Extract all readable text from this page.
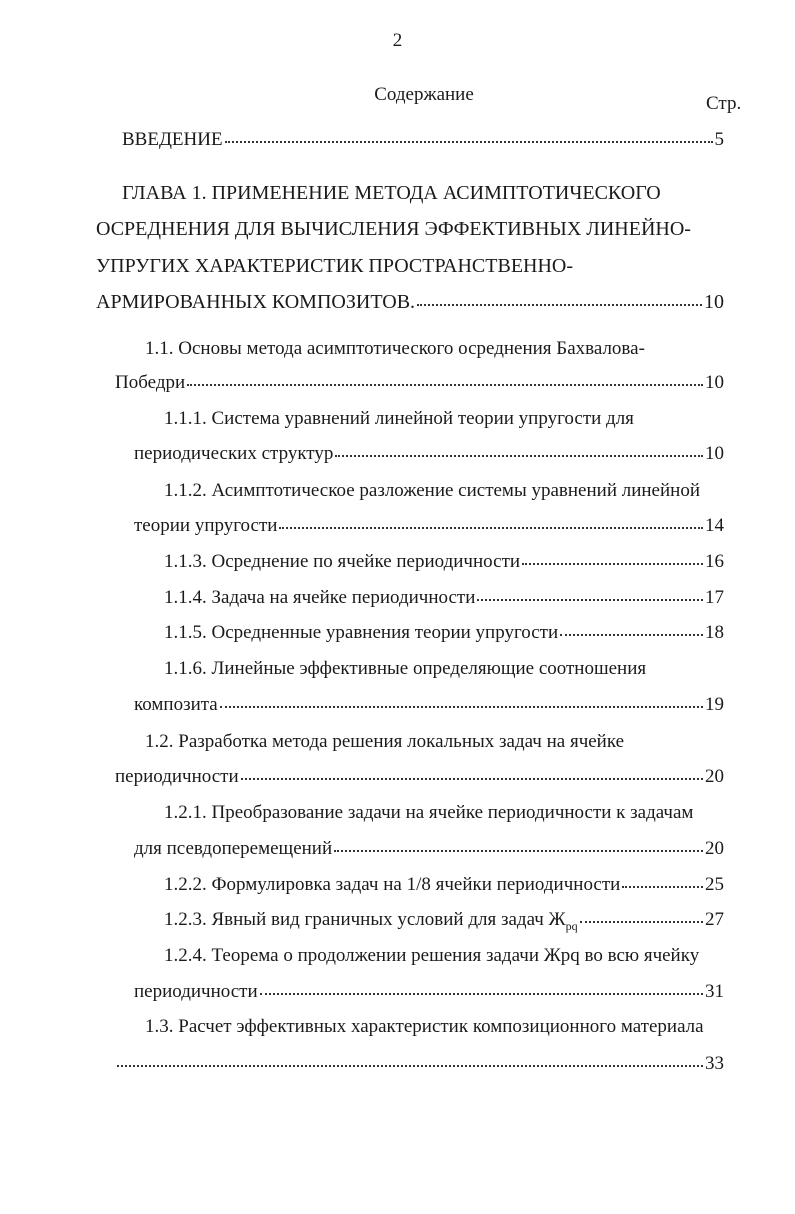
2
Содержание	Стр.
ВВЕДЕНИЕ	5
ГЛАВА 1. ПРИМЕНЕНИЕ МЕТОДА АСИМПТОТИЧЕСКОГО
ОСРЕДНЕНИЯ ДЛЯ ВЫЧИСЛЕНИЯ ЭФФЕКТИВНЫХ ЛИНЕЙНО-
УПРУГИХ ХАРАКТЕРИСТИК ПРОСТРАНСТВЕННО-
АРМИРОВАННЫХ КОМПОЗИТОВ.	10
1.1. Основы метода асимптотического осреднения Бахвалова-
Победри	10
1.1.1. Система уравнений линейной теории упругости для
периодических структур	10
1.1.2. Асимптотическое разложение системы уравнений линейной
теории упругости	14
1.1.3. Осреднение по ячейке периодичности	16
1.1.4. Задача на ячейке периодичности	17
1.1.5. Осредненные уравнения теории упругости	18
1.1.6. Линейные эффективные определяющие соотношения
композита	19
1.2. Разработка метода решения локальных задач на ячейке
периодичности	20
1.2.1. Преобразование задачи на ячейке периодичности к задачам
для псевдоперемещений	20
1.2.2. Формулировка задач на 1/8 ячейки периодичности	25
1.2.3. Явный вид граничных условий для задач $Ж_{pq}$	27
1.2.4. Теорема о продолжении решения задачи Жрq во всю ячейку
периодичности	31
1.3. Расчет эффективных характеристик композиционного материала
33
